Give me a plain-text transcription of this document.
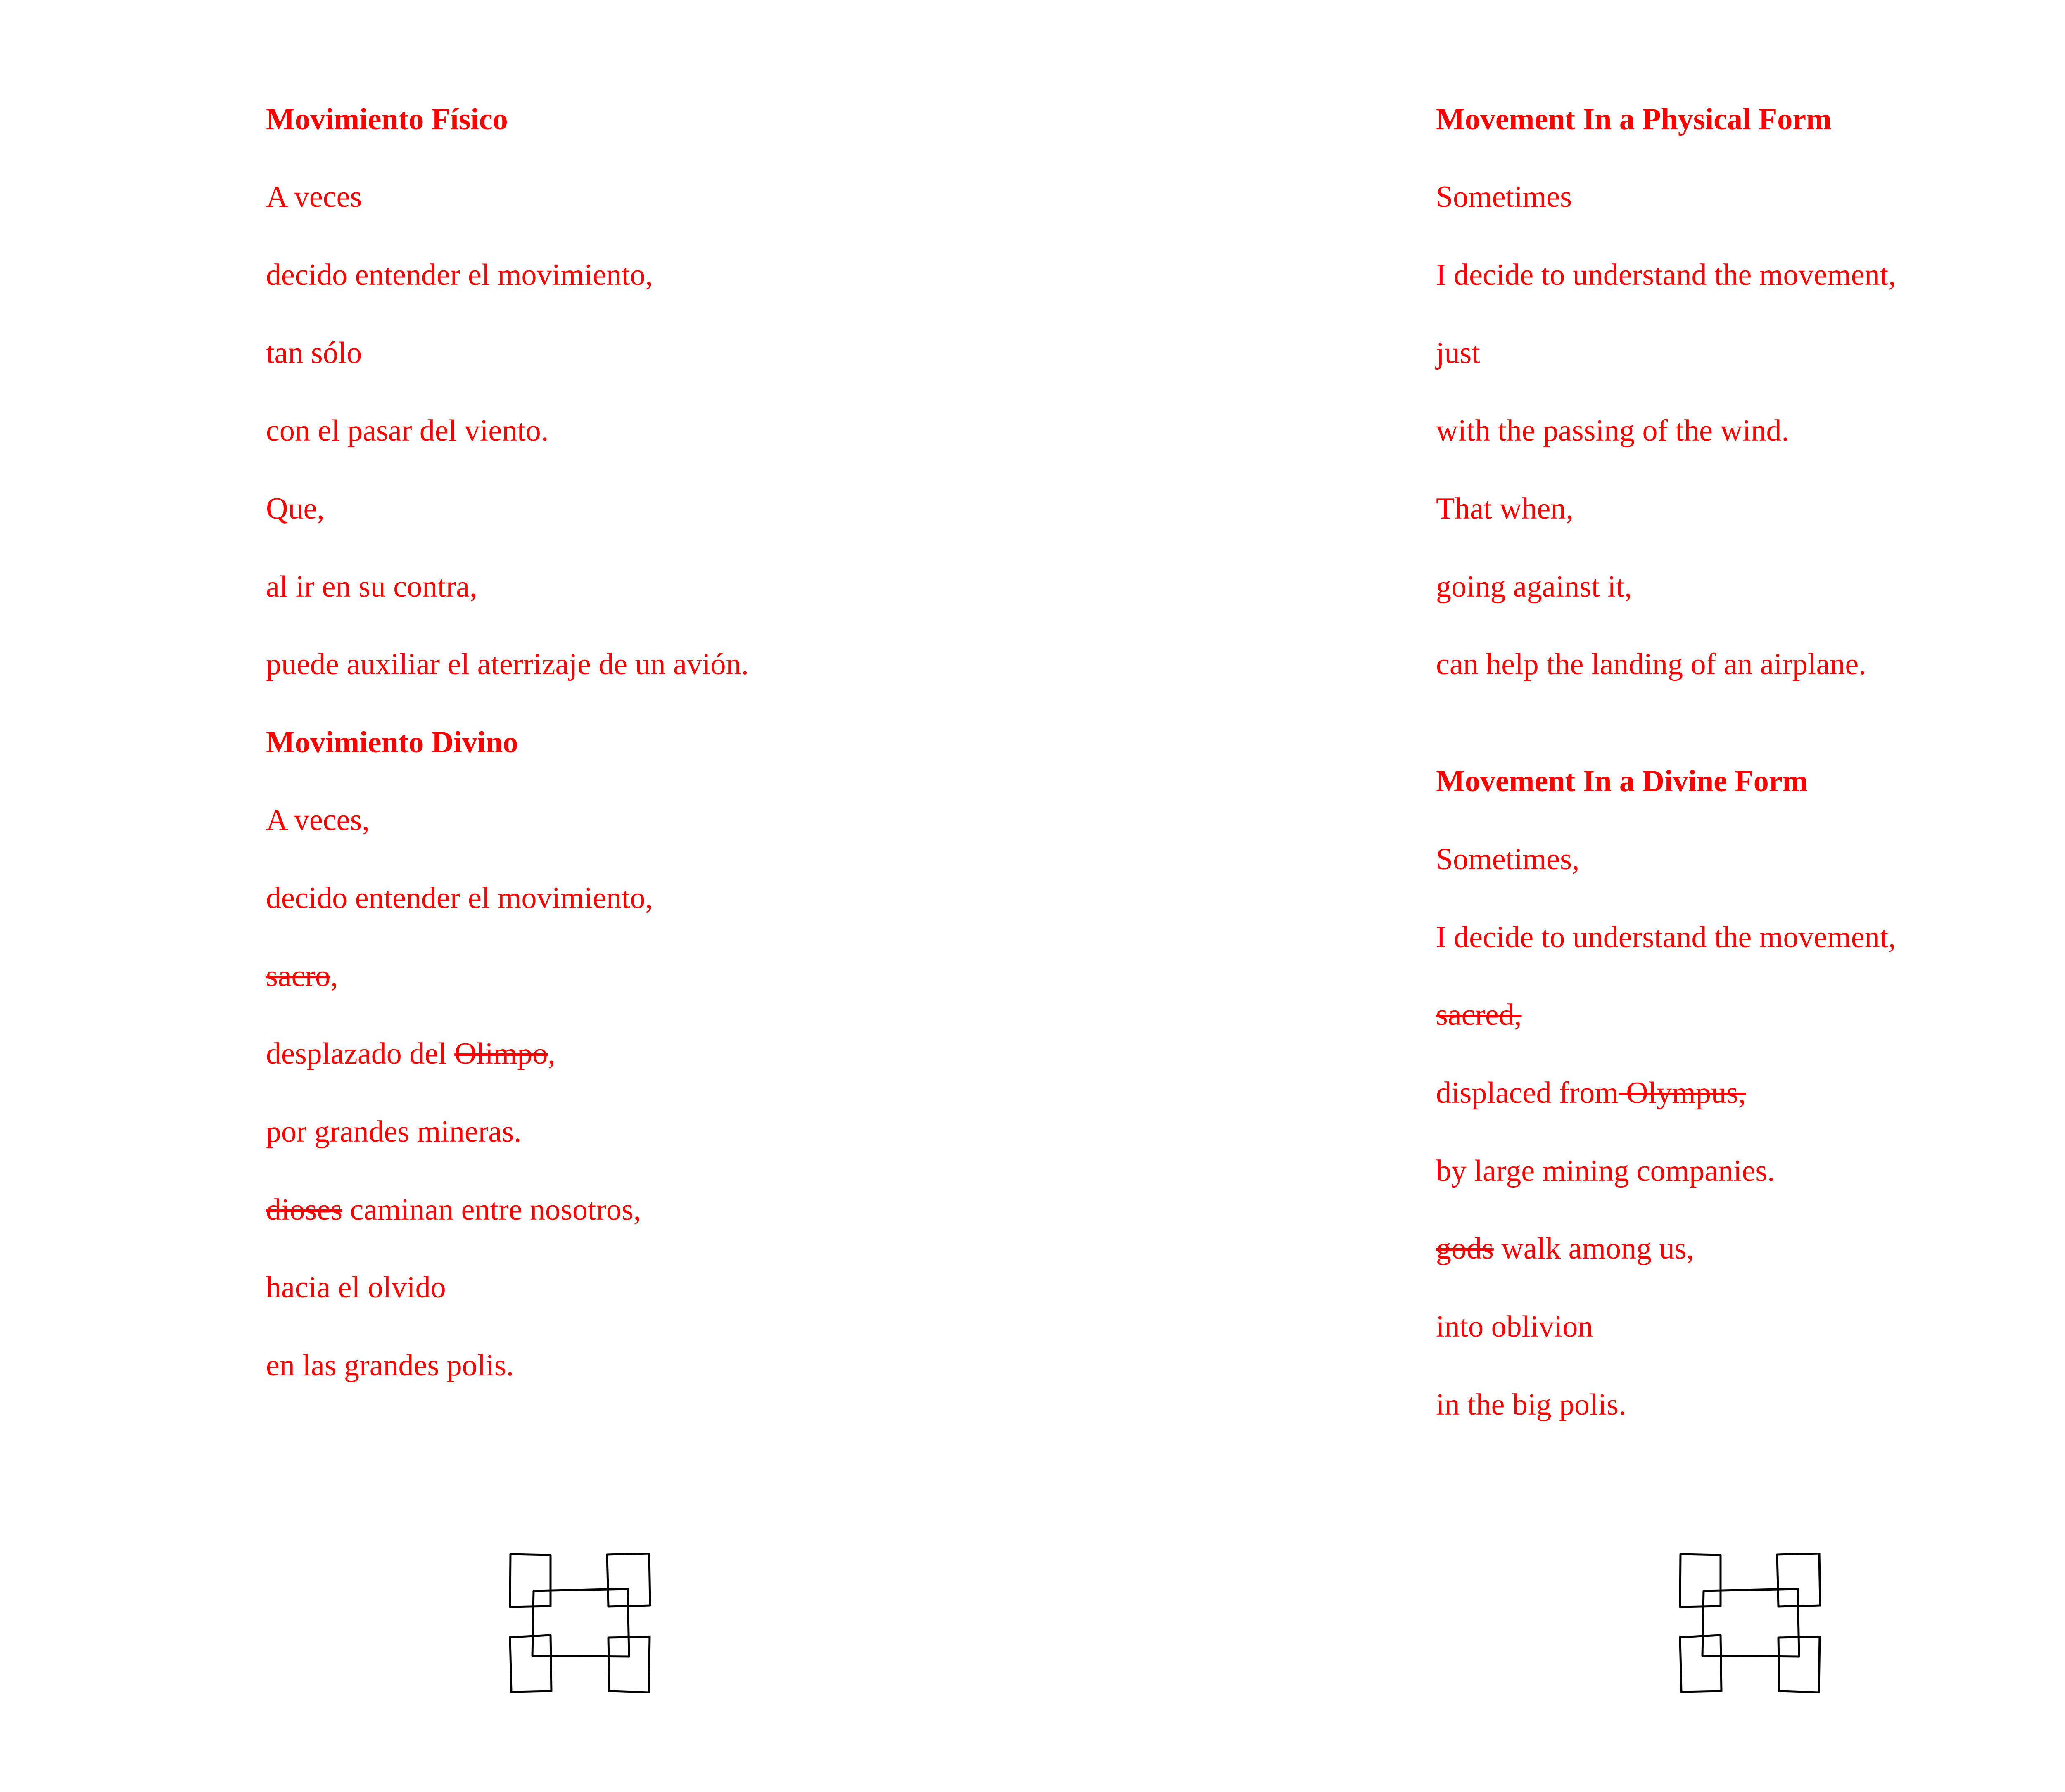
Movimiento Físico
A veces
decido entender el movimiento,
tan sólo
con el pasar del viento.
Que,
al ir en su contra,
puede auxiliar el aterrizaje de un avión.
Movimiento Divino
A veces,
decido entender el movimiento,
sacro,
desplazado del Olimpo,
por grandes mineras.
dioses caminan entre nosotros,
hacia el olvido
en las grandes polis.
Movement In a Physical Form
Sometimes
I decide to understand the movement,
just
with the passing of the wind.
That when,
going against it,
can help the landing of an airplane.
Movement In a Divine Form
Sometimes,
I decide to understand the movement,
sacred,
displaced from Olympus,
by large mining companies.
gods walk among us,
into oblivion
in the big polis.
